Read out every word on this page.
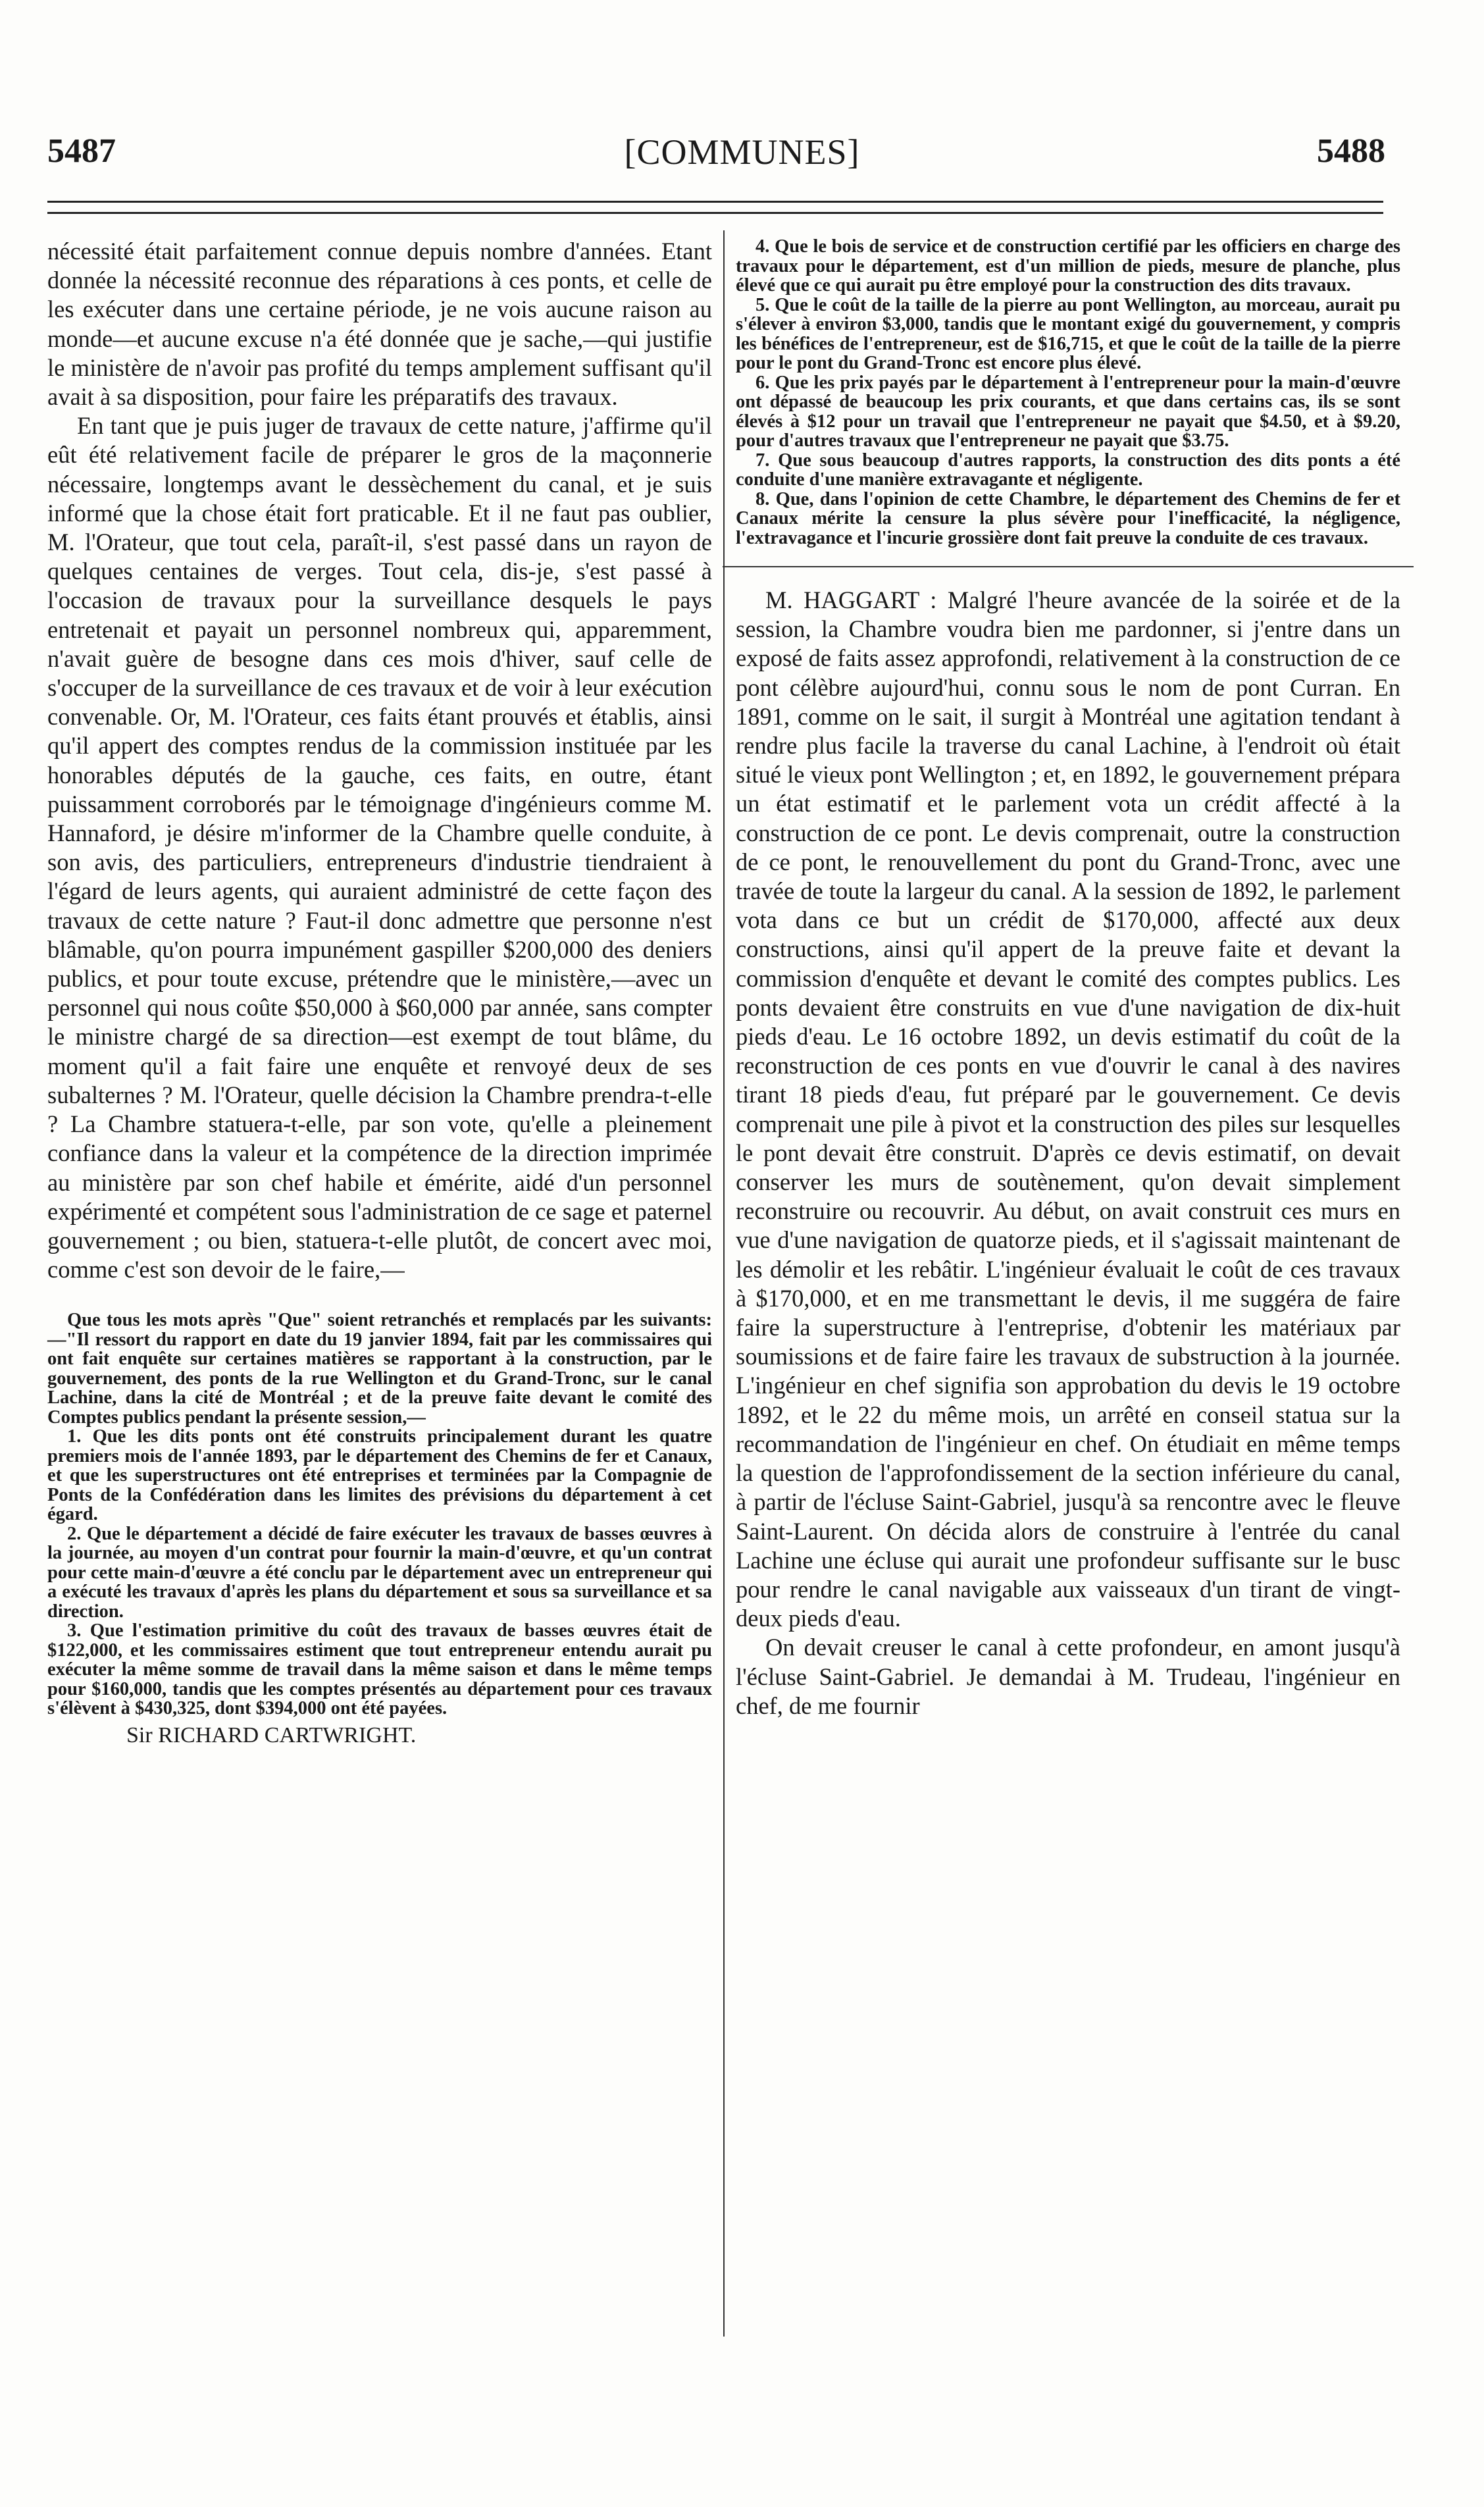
5487	[COMMUNES]	5488

nécessité était parfaitement connue depuis nombre d'années. Etant donnée la nécessité reconnue des réparations à ces ponts, et celle de les exécuter dans une certaine période, je ne vois aucune raison au monde—et aucune excuse n'a été donnée que je sache,—qui justifie le ministère de n'avoir pas profité du temps amplement suffisant qu'il avait à sa disposition, pour faire les préparatifs des travaux.

En tant que je puis juger de travaux de cette nature, j'affirme qu'il eût été relativement facile de préparer le gros de la maçonnerie nécessaire, longtemps avant le dessèchement du canal, et je suis informé que la chose était fort praticable. Et il ne faut pas oublier, M. l'Orateur, que tout cela, paraît-il, s'est passé dans un rayon de quelques centaines de verges. Tout cela, dis-je, s'est passé à l'occasion de travaux pour la surveillance desquels le pays entretenait et payait un personnel nombreux qui, apparemment, n'avait guère de besogne dans ces mois d'hiver, sauf celle de s'occuper de la surveillance de ces travaux et de voir à leur exécution convenable. Or, M. l'Orateur, ces faits étant prouvés et établis, ainsi qu'il appert des comptes rendus de la commission instituée par les honorables députés de la gauche, ces faits, en outre, étant puissamment corroborés par le témoignage d'ingénieurs comme M. Hannaford, je désire m'informer de la Chambre quelle conduite, à son avis, des particuliers, entrepreneurs d'industrie tiendraient à l'égard de leurs agents, qui auraient administré de cette façon des travaux de cette nature ? Faut-il donc admettre que personne n'est blâmable, qu'on pourra impunément gaspiller $200,000 des deniers publics, et pour toute excuse, prétendre que le ministère,—avec un personnel qui nous coûte $50,000 à $60,000 par année, sans compter le ministre chargé de sa direction—est exempt de tout blâme, du moment qu'il a fait faire une enquête et renvoyé deux de ses subalternes ? M. l'Orateur, quelle décision la Chambre prendra-t-elle ? La Chambre statuera-t-elle, par son vote, qu'elle a pleinement confiance dans la valeur et la compétence de la direction imprimée au ministère par son chef habile et émérite, aidé d'un personnel expérimenté et compétent sous l'administration de ce sage et paternel gouvernement ; ou bien, statuera-t-elle plutôt, de concert avec moi, comme c'est son devoir de le faire,—

Que tous les mots après "Que" soient retranchés et remplacés par les suivants:—"Il ressort du rapport en date du 19 janvier 1894, fait par les commissaires qui ont fait enquête sur certaines matières se rapportant à la construction, par le gouvernement, des ponts de la rue Wellington et du Grand-Tronc, sur le canal Lachine, dans la cité de Montréal ; et de la preuve faite devant le comité des Comptes publics pendant la présente session,—

1. Que les dits ponts ont été construits principalement durant les quatre premiers mois de l'année 1893, par le département des Chemins de fer et Canaux, et que les superstructures ont été entreprises et terminées par la Compagnie de Ponts de la Confédération dans les limites des prévisions du département à cet égard.

2. Que le département a décidé de faire exécuter les travaux de basses œuvres à la journée, au moyen d'un contrat pour fournir la main-d'œuvre, et qu'un contrat pour cette main-d'œuvre a été conclu par le département avec un entrepreneur qui a exécuté les travaux d'après les plans du département et sous sa surveillance et sa direction.

3. Que l'estimation primitive du coût des travaux de basses œuvres était de $122,000, et les commissaires estiment que tout entrepreneur entendu aurait pu exécuter la même somme de travail dans la même saison et dans le même temps pour $160,000, tandis que les comptes présentés au département pour ces travaux s'élèvent à $430,325, dont $394,000 ont été payées.

Sir RICHARD CARTWRIGHT.

4. Que le bois de service et de construction certifié par les officiers en charge des travaux pour le département, est d'un million de pieds, mesure de planche, plus élevé que ce qui aurait pu être employé pour la construction des dits travaux.

5. Que le coût de la taille de la pierre au pont Wellington, au morceau, aurait pu s'élever à environ $3,000, tandis que le montant exigé du gouvernement, y compris les bénéfices de l'entrepreneur, est de $16,715, et que le coût de la taille de la pierre pour le pont du Grand-Tronc est encore plus élevé.

6. Que les prix payés par le département à l'entrepreneur pour la main-d'œuvre ont dépassé de beaucoup les prix courants, et que dans certains cas, ils se sont élevés à $12 pour un travail que l'entrepreneur ne payait que $4.50, et à $9.20, pour d'autres travaux que l'entrepreneur ne payait que $3.75.

7. Que sous beaucoup d'autres rapports, la construction des dits ponts a été conduite d'une manière extravagante et négligente.

8. Que, dans l'opinion de cette Chambre, le département des Chemins de fer et Canaux mérite la censure la plus sévère pour l'inefficacité, la négligence, l'extravagance et l'incurie grossière dont fait preuve la conduite de ces travaux.

M. HAGGART : Malgré l'heure avancée de la soirée et de la session, la Chambre voudra bien me pardonner, si j'entre dans un exposé de faits assez approfondi, relativement à la construction de ce pont célèbre aujourd'hui, connu sous le nom de pont Curran. En 1891, comme on le sait, il surgit à Montréal une agitation tendant à rendre plus facile la traverse du canal Lachine, à l'endroit où était situé le vieux pont Wellington ; et, en 1892, le gouvernement prépara un état estimatif et le parlement vota un crédit affecté à la construction de ce pont. Le devis comprenait, outre la construction de ce pont, le renouvellement du pont du Grand-Tronc, avec une travée de toute la largeur du canal. A la session de 1892, le parlement vota dans ce but un crédit de $170,000, affecté aux deux constructions, ainsi qu'il appert de la preuve faite et devant la commission d'enquête et devant le comité des comptes publics. Les ponts devaient être construits en vue d'une navigation de dix-huit pieds d'eau. Le 16 octobre 1892, un devis estimatif du coût de la reconstruction de ces ponts en vue d'ouvrir le canal à des navires tirant 18 pieds d'eau, fut préparé par le gouvernement. Ce devis comprenait une pile à pivot et la construction des piles sur lesquelles le pont devait être construit. D'après ce devis estimatif, on devait conserver les murs de soutènement, qu'on devait simplement reconstruire ou recouvrir. Au début, on avait construit ces murs en vue d'une navigation de quatorze pieds, et il s'agissait maintenant de les démolir et les rebâtir. L'ingénieur évaluait le coût de ces travaux à $170,000, et en me transmettant le devis, il me suggéra de faire faire la superstructure à l'entreprise, d'obtenir les matériaux par soumissions et de faire faire les travaux de substruction à la journée. L'ingénieur en chef signifia son approbation du devis le 19 octobre 1892, et le 22 du même mois, un arrêté en conseil statua sur la recommandation de l'ingénieur en chef. On étudiait en même temps la question de l'approfondissement de la section inférieure du canal, à partir de l'écluse Saint-Gabriel, jusqu'à sa rencontre avec le fleuve Saint-Laurent. On décida alors de construire à l'entrée du canal Lachine une écluse qui aurait une profondeur suffisante sur le busc pour rendre le canal navigable aux vaisseaux d'un tirant de vingt-deux pieds d'eau.

On devait creuser le canal à cette profondeur, en amont jusqu'à l'écluse Saint-Gabriel. Je demandai à M. Trudeau, l'ingénieur en chef, de me fournir
